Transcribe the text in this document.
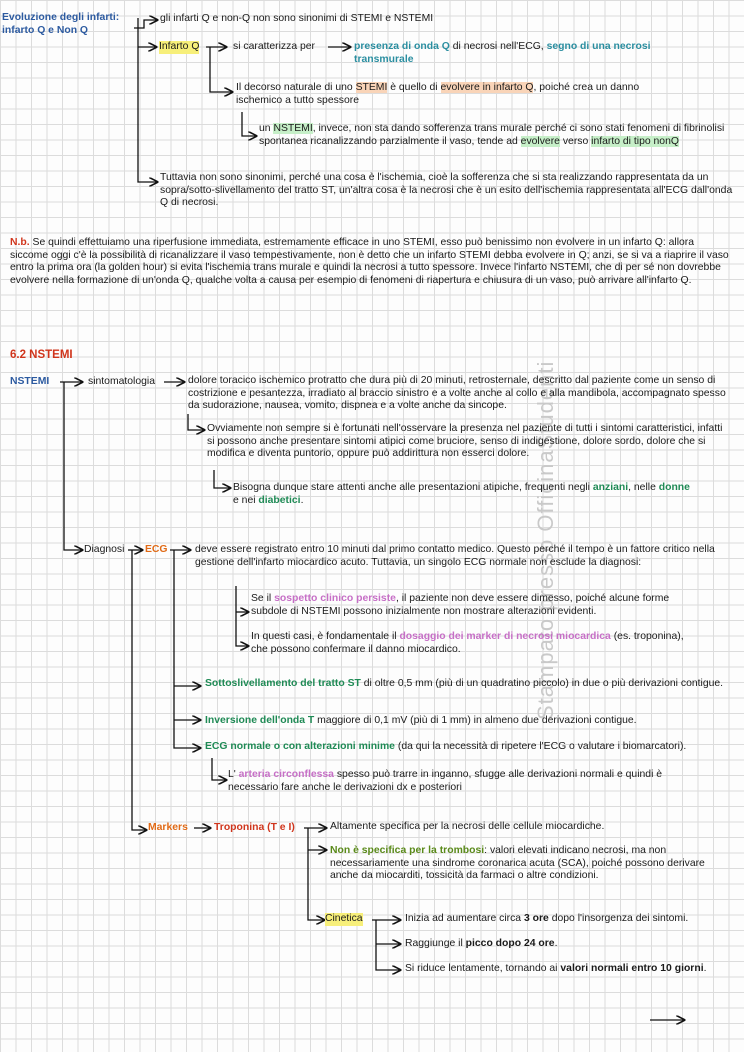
Stampato presso OfficinaStudenti
Evoluzione degli infarti: infarto Q e Non Q
gli infarti Q e non-Q non sono sinonimi di STEMI e NSTEMI
Infarto Q	si caratterizza per	presenza di onda Q di necrosi nell'ECG, segno di una necrosi transmurale
Il decorso naturale di uno STEMI è quello di evolvere in infarto Q, poiché crea un danno ischemico a tutto spessore
un NSTEMI, invece, non sta dando sofferenza trans murale perché ci sono stati fenomeni di fibrinolisi spontanea ricanalizzando parzialmente il vaso, tende ad evolvere verso infarto di tipo nonQ
Tuttavia non sono sinonimi, perché una cosa è l'ischemia, cioè la sofferenza che si sta realizzando rappresentata da un sopra/sotto-slivellamento del tratto ST, un'altra cosa è la necrosi che è un esito dell'ischemia rappresentata all'ECG dall'onda Q di necrosi.
N.b. Se quindi effettuiamo una riperfusione immediata, estremamente efficace in uno STEMI, esso può benissimo non evolvere in un infarto Q: allora siccome oggi c'è la possibilità di ricanalizzare il vaso tempestivamente, non è detto che un infarto STEMI debba evolvere in Q; anzi, se si va a riaprire il vaso entro la prima ora (la golden hour) si evita l'ischemia trans murale e quindi la necrosi a tutto spessore. Invece l'infarto NSTEMI, che di per sé non dovrebbe evolvere nella formazione di un'onda Q, qualche volta a causa per esempio di fenomeni di riapertura e chiusura di un vaso, può arrivare all'infarto Q.
6.2 NSTEMI
NSTEMI	sintomatologia	dolore toracico ischemico protratto che dura più di 20 minuti, retrosternale, descritto dal paziente come un senso di costrizione e pesantezza, irradiato al braccio sinistro e a volte anche al collo e alla mandibola, accompagnato spesso da sudorazione, nausea, vomito, dispnea e a volte anche da sincope.
Ovviamente non sempre si è fortunati nell'osservare la presenza nel paziente di tutti i sintomi caratteristici, infatti si possono anche presentare sintomi atipici come bruciore, senso di indigestione, dolore sordo, dolore che si modifica e diventa puntorio, oppure può addirittura non esserci dolore.
Bisogna dunque stare attenti anche alle presentazioni atipiche, frequenti negli anziani, nelle donne e nei diabetici.
Diagnosi ECG	deve essere registrato entro 10 minuti dal primo contatto medico. Questo perché il tempo è un fattore critico nella gestione dell'infarto miocardico acuto. Tuttavia, un singolo ECG normale non esclude la diagnosi:
Se il sospetto clinico persiste, il paziente non deve essere dimesso, poiché alcune forme subdole di NSTEMI possono inizialmente non mostrare alterazioni evidenti.
In questi casi, è fondamentale il dosaggio dei marker di necrosi miocardica (es. troponina), che possono confermare il danno miocardico.
Sottoslivellamento del tratto ST di oltre 0,5 mm (più di un quadratino piccolo) in due o più derivazioni contigue.
Inversione dell'onda T maggiore di 0,1 mV (più di 1 mm) in almeno due derivazioni contigue.
ECG normale o con alterazioni minime (da qui la necessità di ripetere l'ECG o valutare i biomarcatori).
L' arteria circonflessa spesso può trarre in inganno, sfugge alle derivazioni normali e quindi è necessario fare anche le derivazioni dx e posteriori
Markers	Troponina (T e I)	Altamente specifica per la necrosi delle cellule miocardiche.
Non è specifica per la trombosi: valori elevati indicano necrosi, ma non necessariamente una sindrome coronarica acuta (SCA), poiché possono derivare anche da miocarditi, tossicità da farmaci o altre condizioni.
Cinetica	Inizia ad aumentare circa 3 ore dopo l'insorgenza dei sintomi.
Raggiunge il picco dopo 24 ore.
Si riduce lentamente, tornando ai valori normali entro 10 giorni.
